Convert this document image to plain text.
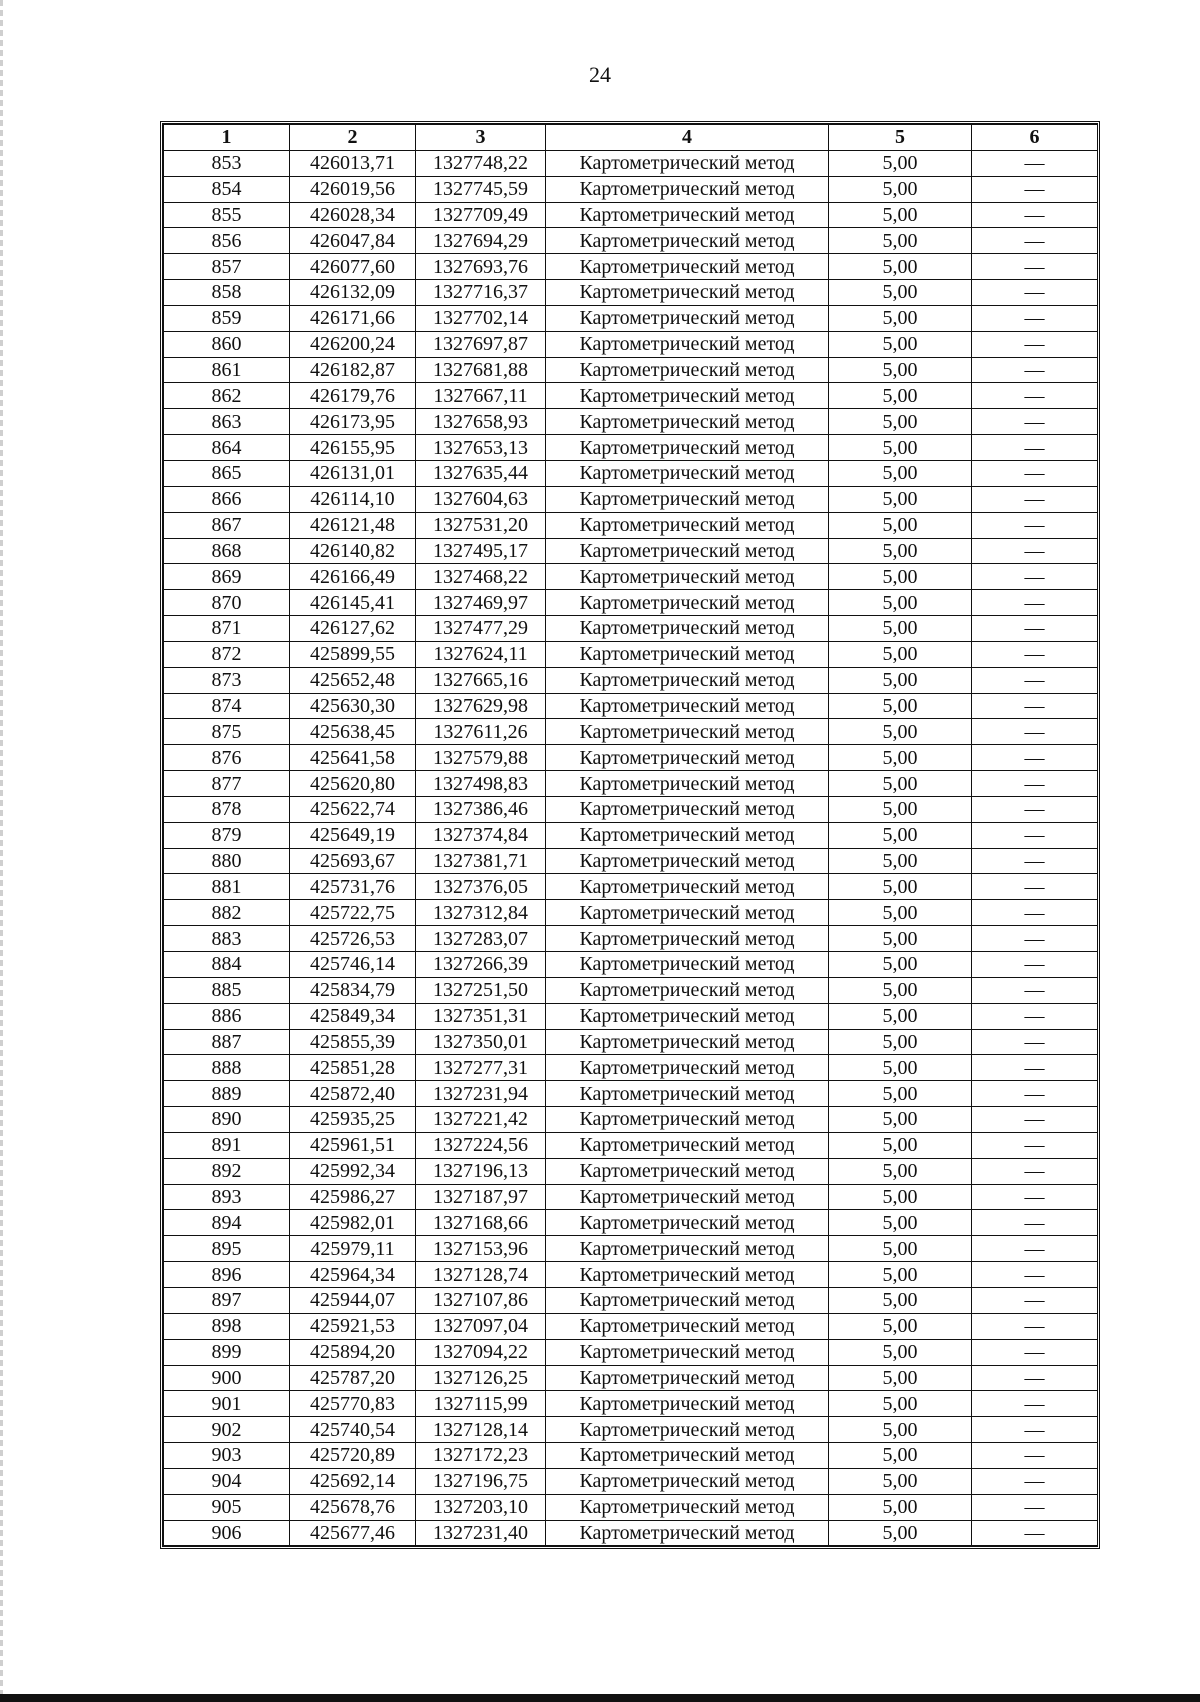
24
1	2	3	4	5	6
853	426013,71	1327748,22	Картометрический метод	5,00	—
854	426019,56	1327745,59	Картометрический метод	5,00	—
855	426028,34	1327709,49	Картометрический метод	5,00	—
856	426047,84	1327694,29	Картометрический метод	5,00	—
857	426077,60	1327693,76	Картометрический метод	5,00	—
858	426132,09	1327716,37	Картометрический метод	5,00	—
859	426171,66	1327702,14	Картометрический метод	5,00	—
860	426200,24	1327697,87	Картометрический метод	5,00	—
861	426182,87	1327681,88	Картометрический метод	5,00	—
862	426179,76	1327667,11	Картометрический метод	5,00	—
863	426173,95	1327658,93	Картометрический метод	5,00	—
864	426155,95	1327653,13	Картометрический метод	5,00	—
865	426131,01	1327635,44	Картометрический метод	5,00	—
866	426114,10	1327604,63	Картометрический метод	5,00	—
867	426121,48	1327531,20	Картометрический метод	5,00	—
868	426140,82	1327495,17	Картометрический метод	5,00	—
869	426166,49	1327468,22	Картометрический метод	5,00	—
870	426145,41	1327469,97	Картометрический метод	5,00	—
871	426127,62	1327477,29	Картометрический метод	5,00	—
872	425899,55	1327624,11	Картометрический метод	5,00	—
873	425652,48	1327665,16	Картометрический метод	5,00	—
874	425630,30	1327629,98	Картометрический метод	5,00	—
875	425638,45	1327611,26	Картометрический метод	5,00	—
876	425641,58	1327579,88	Картометрический метод	5,00	—
877	425620,80	1327498,83	Картометрический метод	5,00	—
878	425622,74	1327386,46	Картометрический метод	5,00	—
879	425649,19	1327374,84	Картометрический метод	5,00	—
880	425693,67	1327381,71	Картометрический метод	5,00	—
881	425731,76	1327376,05	Картометрический метод	5,00	—
882	425722,75	1327312,84	Картометрический метод	5,00	—
883	425726,53	1327283,07	Картометрический метод	5,00	—
884	425746,14	1327266,39	Картометрический метод	5,00	—
885	425834,79	1327251,50	Картометрический метод	5,00	—
886	425849,34	1327351,31	Картометрический метод	5,00	—
887	425855,39	1327350,01	Картометрический метод	5,00	—
888	425851,28	1327277,31	Картометрический метод	5,00	—
889	425872,40	1327231,94	Картометрический метод	5,00	—
890	425935,25	1327221,42	Картометрический метод	5,00	—
891	425961,51	1327224,56	Картометрический метод	5,00	—
892	425992,34	1327196,13	Картометрический метод	5,00	—
893	425986,27	1327187,97	Картометрический метод	5,00	—
894	425982,01	1327168,66	Картометрический метод	5,00	—
895	425979,11	1327153,96	Картометрический метод	5,00	—
896	425964,34	1327128,74	Картометрический метод	5,00	—
897	425944,07	1327107,86	Картометрический метод	5,00	—
898	425921,53	1327097,04	Картометрический метод	5,00	—
899	425894,20	1327094,22	Картометрический метод	5,00	—
900	425787,20	1327126,25	Картометрический метод	5,00	—
901	425770,83	1327115,99	Картометрический метод	5,00	—
902	425740,54	1327128,14	Картометрический метод	5,00	—
903	425720,89	1327172,23	Картометрический метод	5,00	—
904	425692,14	1327196,75	Картометрический метод	5,00	—
905	425678,76	1327203,10	Картометрический метод	5,00	—
906	425677,46	1327231,40	Картометрический метод	5,00	—
